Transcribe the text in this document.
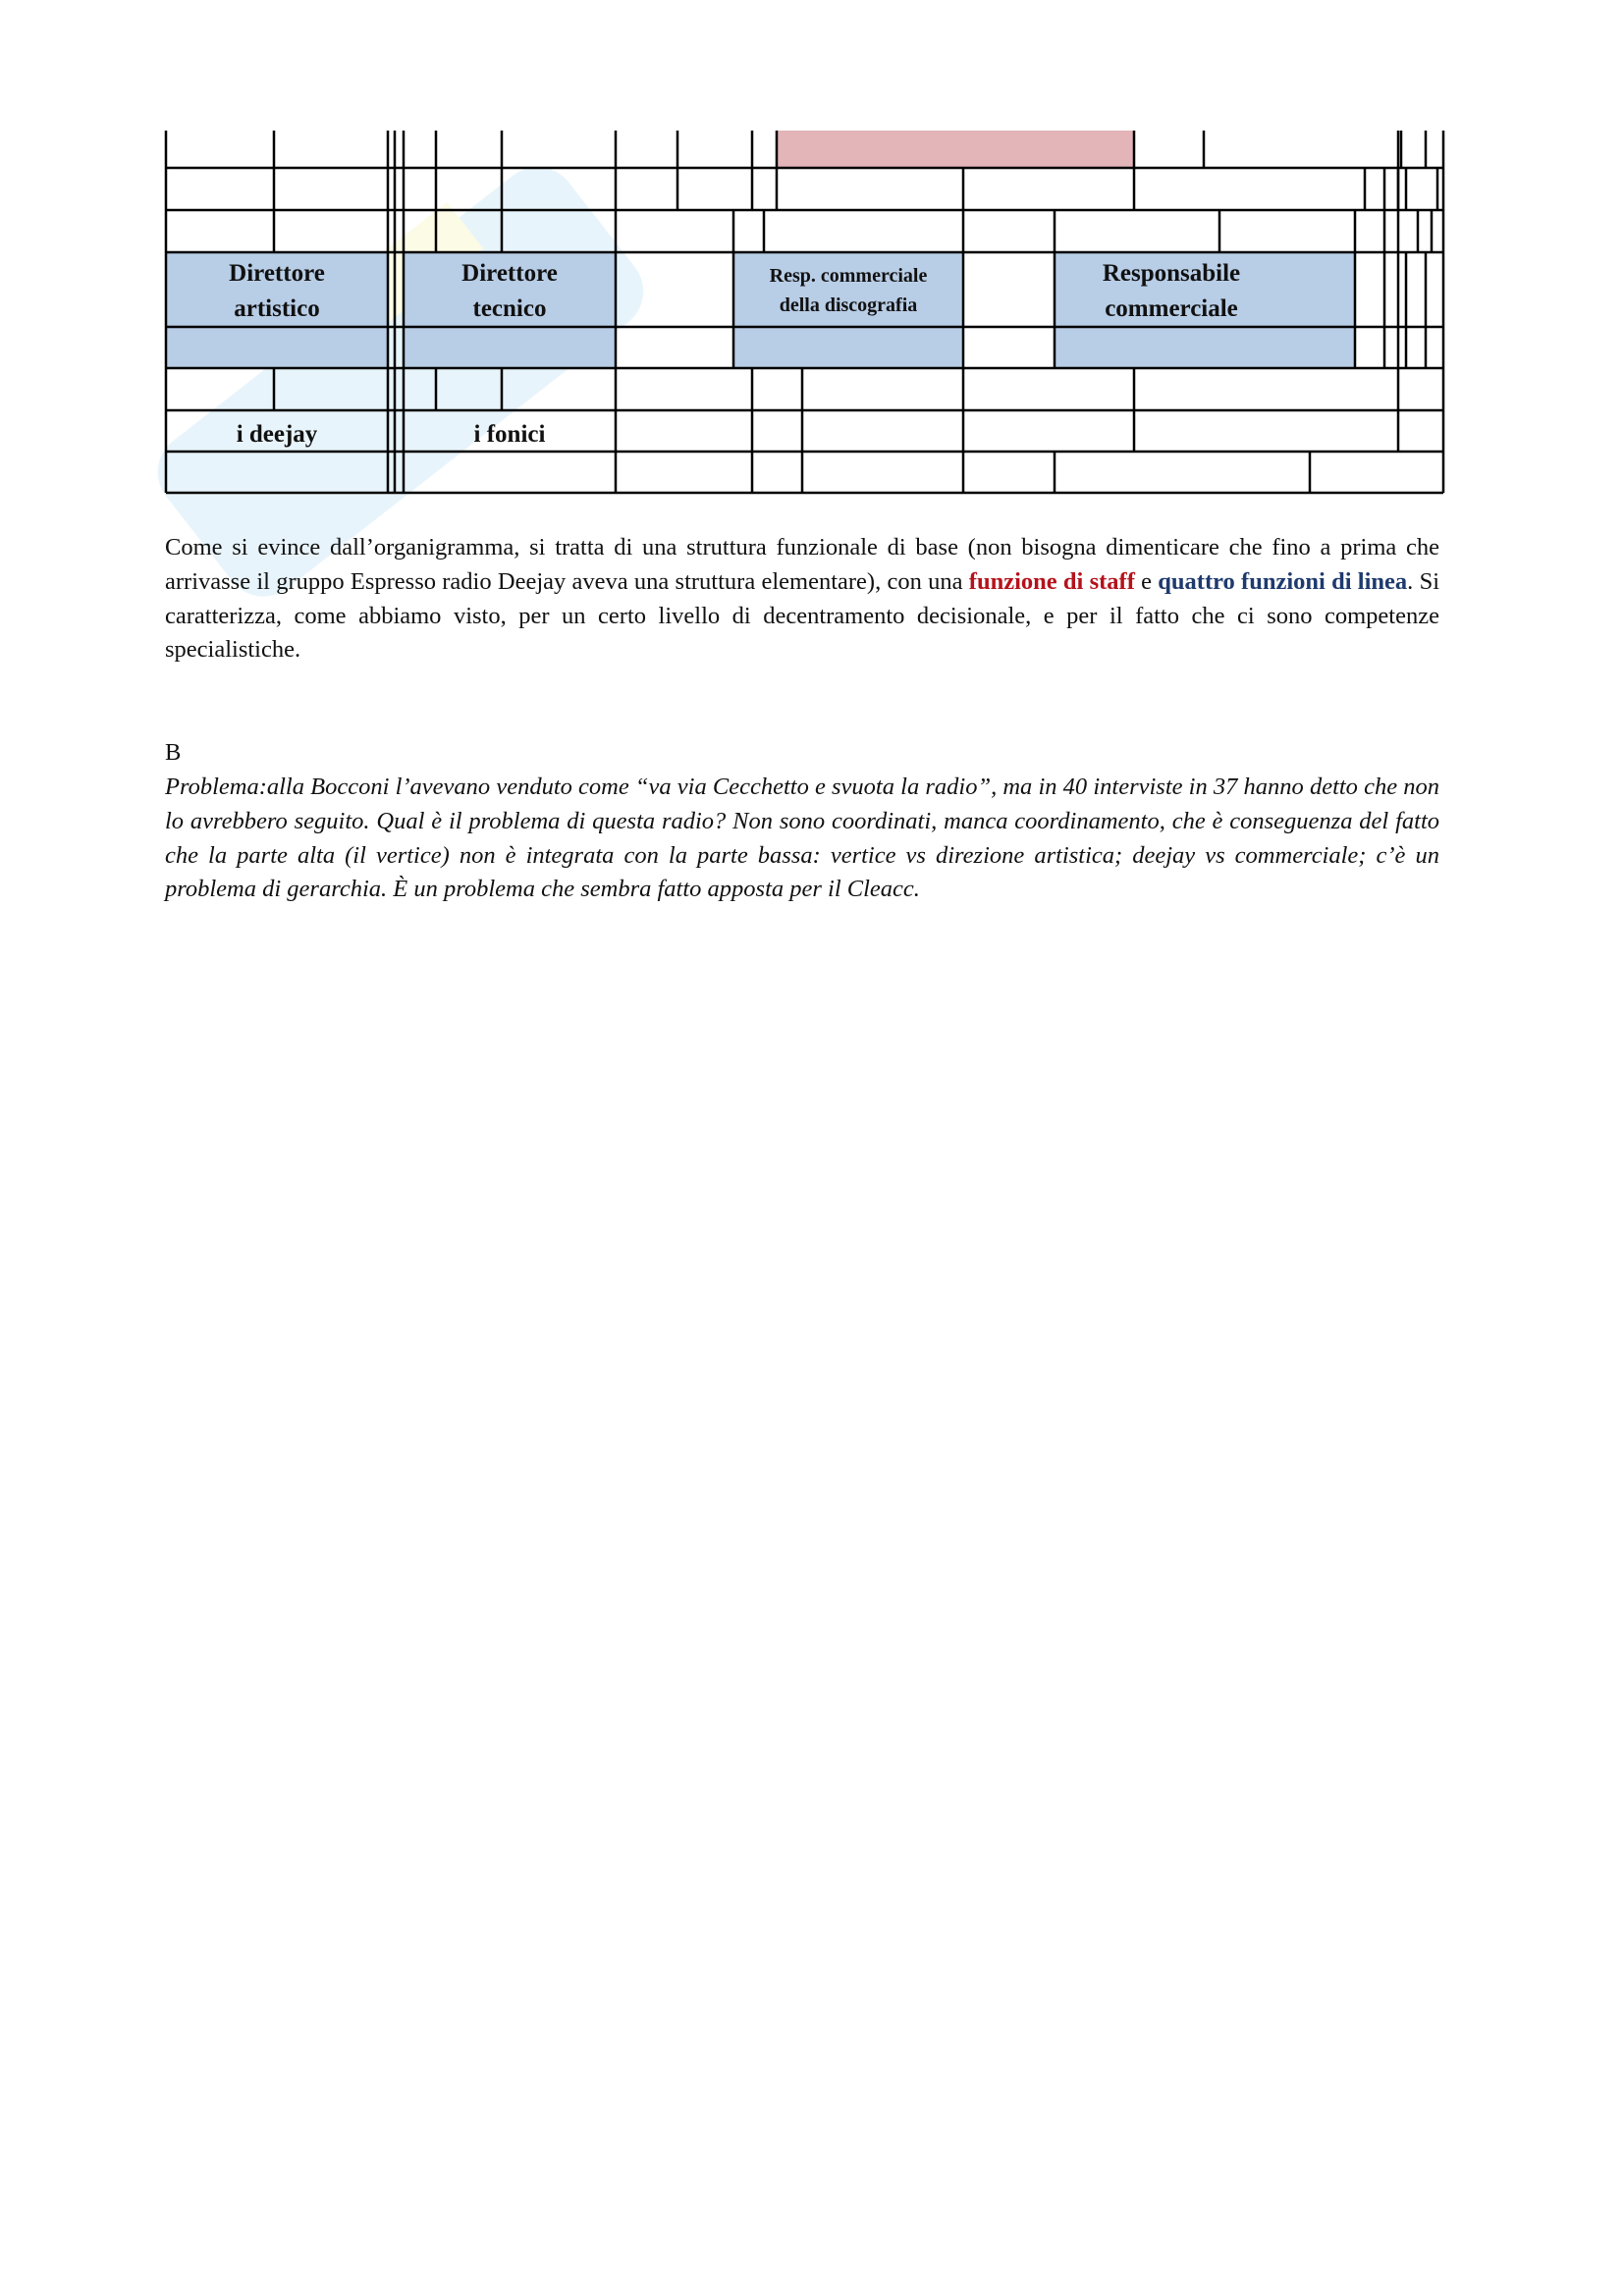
Direttore
artistico
Direttore
tecnico
Resp. commerciale
della discografia
Responsabile
commerciale
i deejay	i fonici

Come si evince dall’organigramma, si tratta di una struttura funzionale di base (non bisogna dimenticare che fino a prima che arrivasse il gruppo Espresso radio Deejay aveva una struttura elementare), con una funzione di staff e quattro funzioni di linea. Si caratterizza, come abbiamo visto, per un certo livello di decentramento decisionale, e per il fatto che ci sono competenze specialistiche.

B

Problema:alla Bocconi l’avevano venduto come “va via Cecchetto e svuota la radio”, ma in 40 interviste in 37 hanno detto che non lo avrebbero seguito. Qual è il problema di questa radio? Non sono coordinati, manca coordinamento, che è conseguenza del fatto che la parte alta (il vertice) non è integrata con la parte bassa: vertice vs direzione artistica; deejay vs commerciale; c’è un problema di gerarchia. È un problema che sembra fatto apposta per il Cleacc.
